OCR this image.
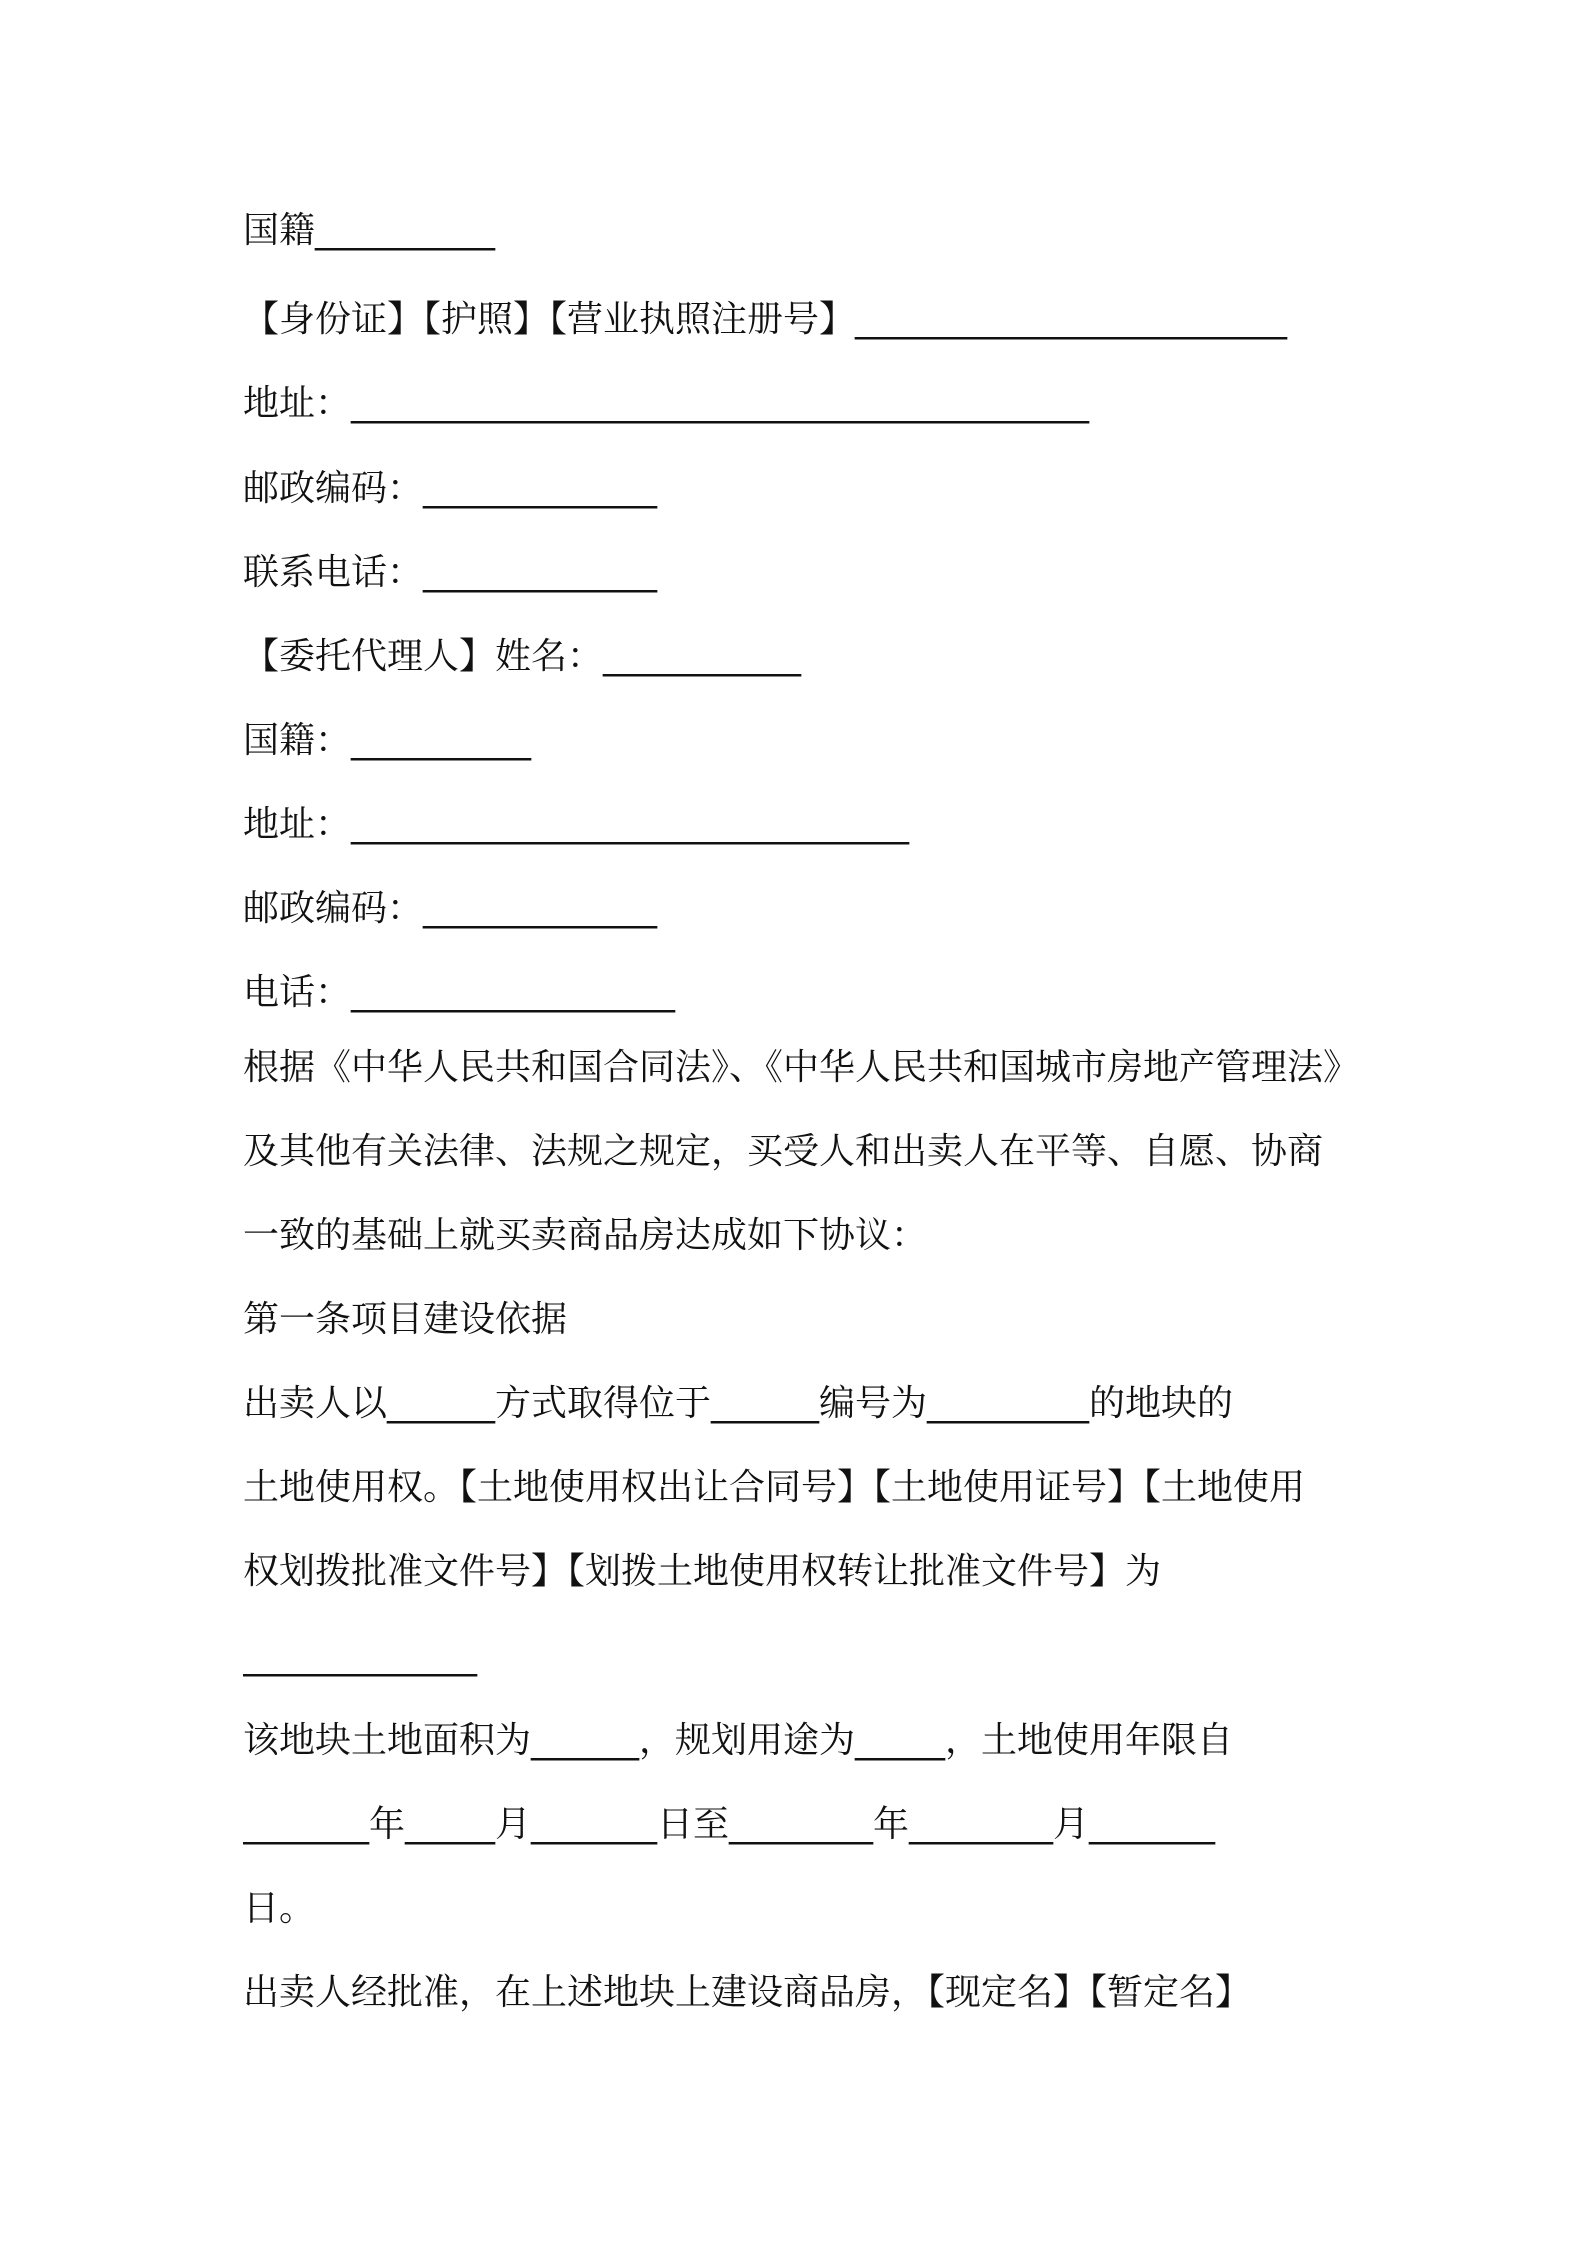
国籍__________
【身份证】【护照】【营业执照注册号】________________________
地址：_________________________________________
邮政编码：_____________
联系电话：_____________
【委托代理人】姓名：___________
国籍：__________
地址：_______________________________
邮政编码：_____________
电话：__________________
根据《中华人民共和国合同法》、《中华人民共和国城市房地产管理法》
及其他有关法律、法规之规定，买受人和出卖人在平等、自愿、协商
一致的基础上就买卖商品房达成如下协议：
第一条项目建设依据
出卖人以______方式取得位于______编号为_________的地块的
土地使用权。【土地使用权出让合同号】【土地使用证号】【土地使用
权划拨批准文件号】【划拨土地使用权转让批准文件号】为
_____________
该地块土地面积为______，规划用途为_____，土地使用年限自
_______年_____月_______日至________年________月_______
日。
出卖人经批准，在上述地块上建设商品房，【现定名】【暂定名】
